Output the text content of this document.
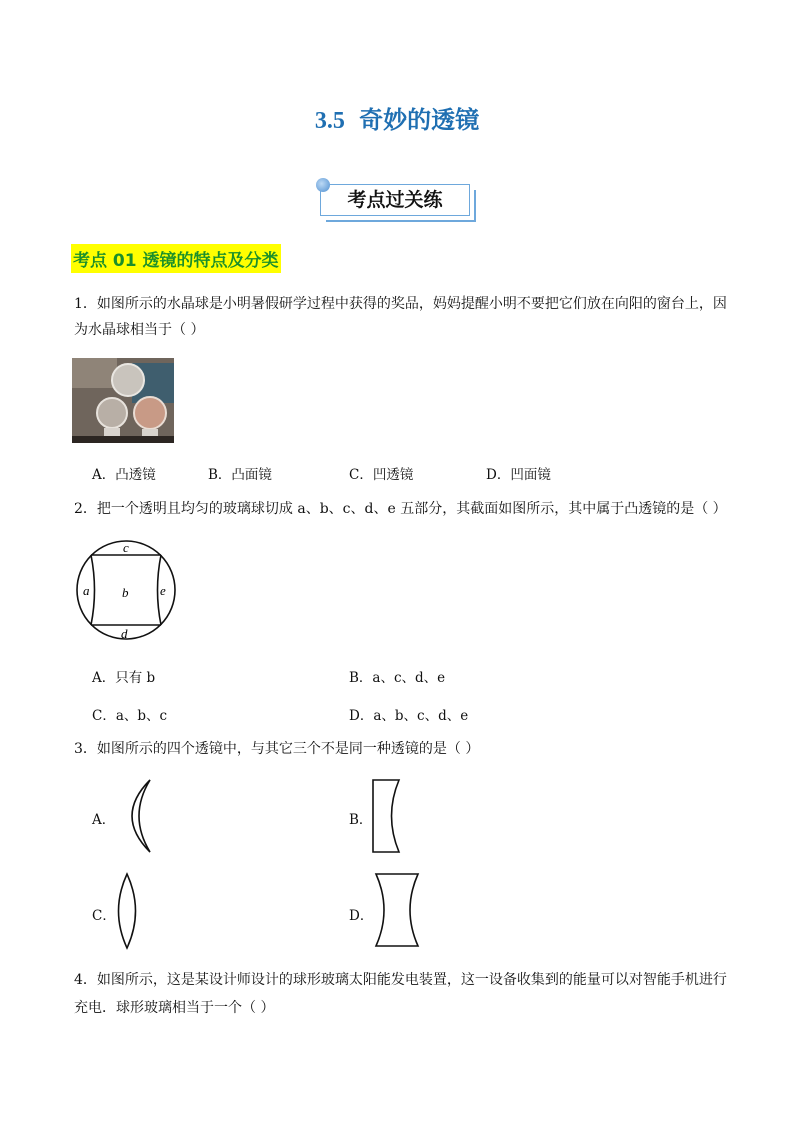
3.5 奇妙的透镜
考点过关练
考点 01 透镜的特点及分类
1．如图所示的水晶球是小明暑假研学过程中获得的奖品，妈妈提醒小明不要把它们放在向阳的窗台上，因
为水晶球相当于（ ）
A．凸透镜	B．凸面镜	C．凹透镜	D．凹面镜
2．把一个透明且均匀的玻璃球切成 a、b、c、d、e 五部分，其截面如图所示，其中属于凸透镜的是（ ）
c
a	b e
d
A．只有 b	B．a、c、d、e
C．a、b、c	D．a、b、c、d、e
3．如图所示的四个透镜中，与其它三个不是同一种透镜的是（ ）
A．	B．
C．	D．
4．如图所示，这是某设计师设计的球形玻璃太阳能发电装置，这一设备收集到的能量可以对智能手机进行
充电．球形玻璃相当于一个（ ）
